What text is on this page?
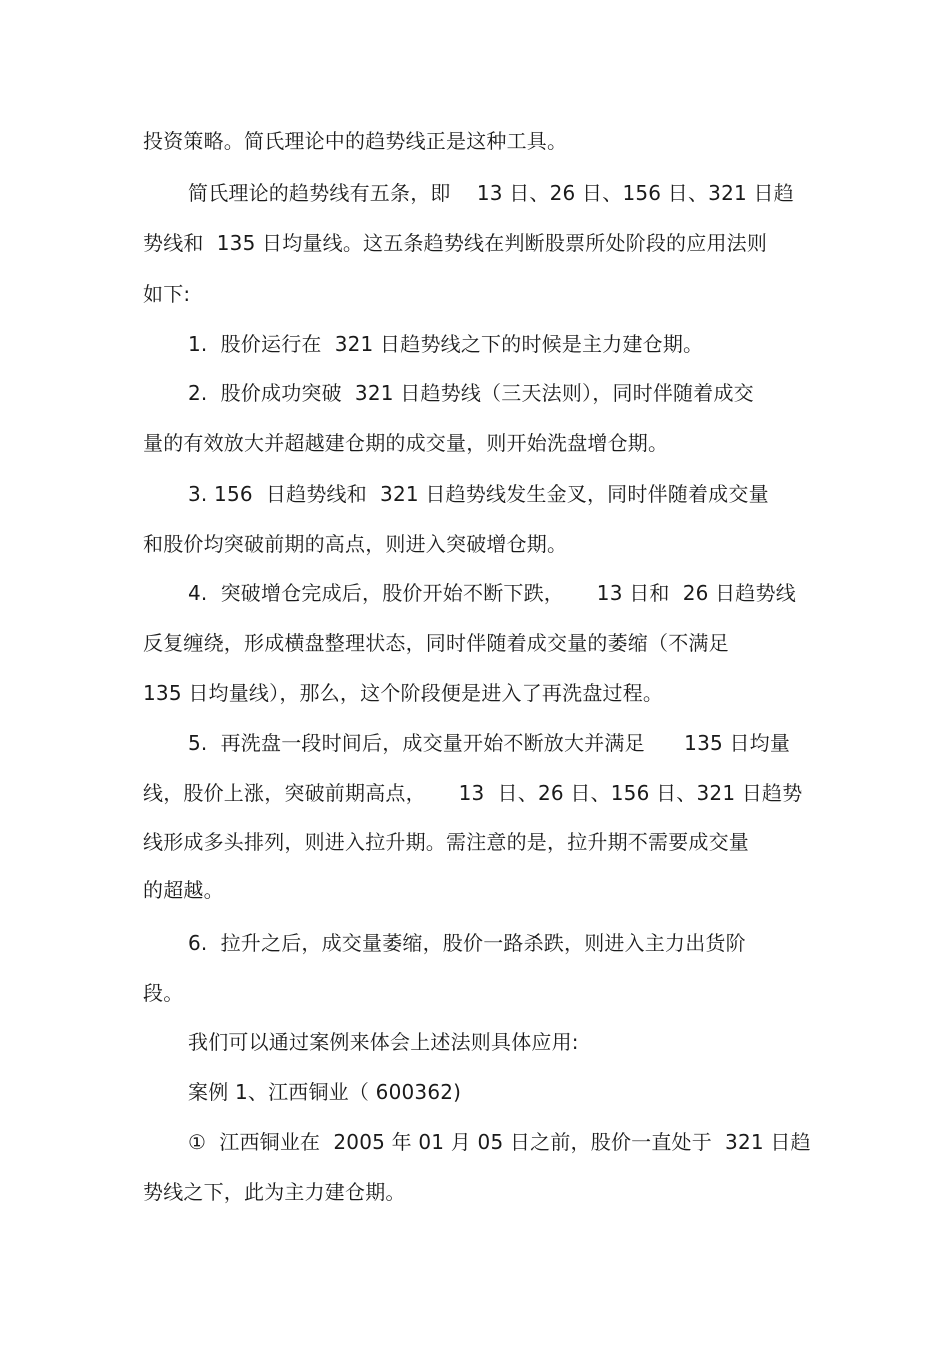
投资策略。简氏理论中的趋势线正是这种工具。
简氏理论的趋势线有五条，即    13 日、26 日、156 日、321 日趋
势线和  135 日均量线。这五条趋势线在判断股票所处阶段的应用法则
如下:
1.  股价运行在  321 日趋势线之下的时候是主力建仓期。
2.  股价成功突破  321 日趋势线（三天法则），同时伴随着成交
量的有效放大并超越建仓期的成交量，则开始洗盘增仓期。
3. 156  日趋势线和  321 日趋势线发生金叉，同时伴随着成交量
和股价均突破前期的高点，则进入突破增仓期。
4.  突破增仓完成后，股价开始不断下跌，     13 日和  26 日趋势线
反复缠绕，形成横盘整理状态，同时伴随着成交量的萎缩（不满足
135 日均量线），那么，这个阶段便是进入了再洗盘过程。
5.  再洗盘一段时间后，成交量开始不断放大并满足      135 日均量
线，股价上涨，突破前期高点，     13  日、26 日、156 日、321 日趋势
线形成多头排列，则进入拉升期。需注意的是，拉升期不需要成交量
的超越。
6.  拉升之后，成交量萎缩，股价一路杀跌，则进入主力出货阶
段。
我们可以通过案例来体会上述法则具体应用:
案例 1、江西铜业（ 600362)
①  江西铜业在  2005 年 01 月 05 日之前，股价一直处于  321 日趋
势线之下，此为主力建仓期。
